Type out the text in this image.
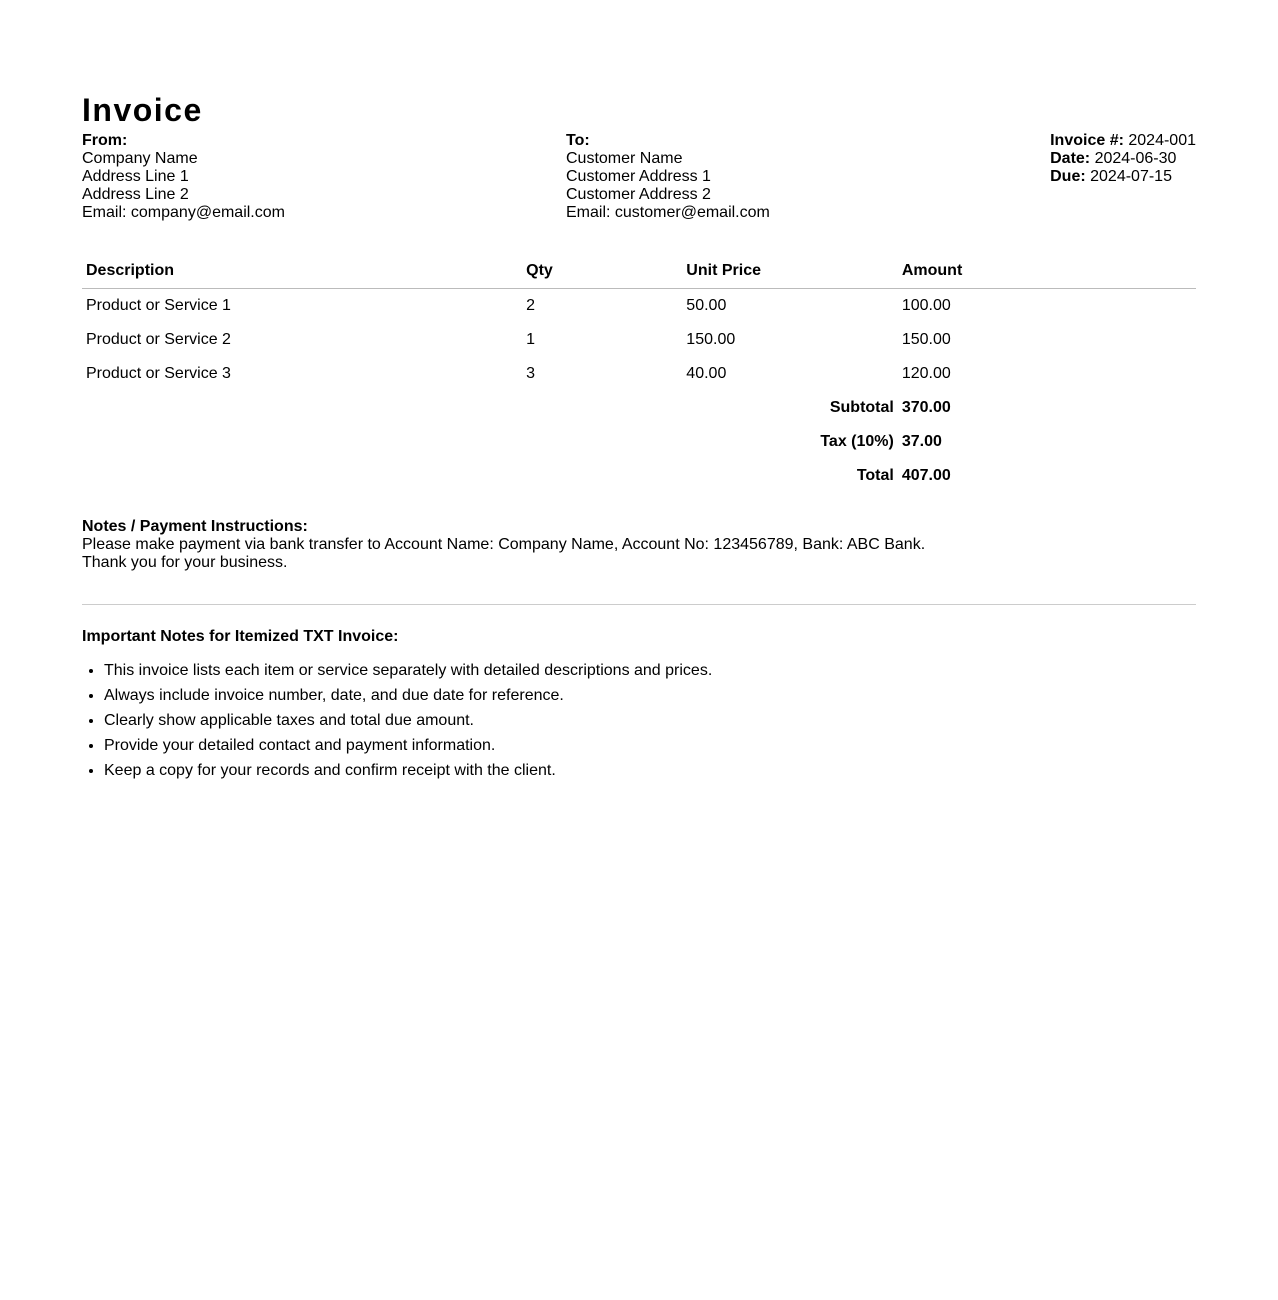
Invoice
From:
Company Name
Address Line 1
Address Line 2
Email: company@email.com
To:
Customer Name
Customer Address 1
Customer Address 2
Email: customer@email.com
Invoice #: 2024-001
Date: 2024-06-30
Due: 2024-07-15
Description	Qty	Unit Price	Amount
Product or Service 1	2	50.00	100.00
Product or Service 2	1	150.00	150.00
Product or Service 3	3	40.00	120.00
Subtotal			370.00
Tax (10%)			37.00
Total			407.00
Notes / Payment Instructions:
Please make payment via bank transfer to Account Name: Company Name, Account No: 123456789, Bank: ABC Bank.
Thank you for your business.
Important Notes for Itemized TXT Invoice:
• This invoice lists each item or service separately with detailed descriptions and prices.
• Always include invoice number, date, and due date for reference.
• Clearly show applicable taxes and total due amount.
• Provide your detailed contact and payment information.
• Keep a copy for your records and confirm receipt with the client.
